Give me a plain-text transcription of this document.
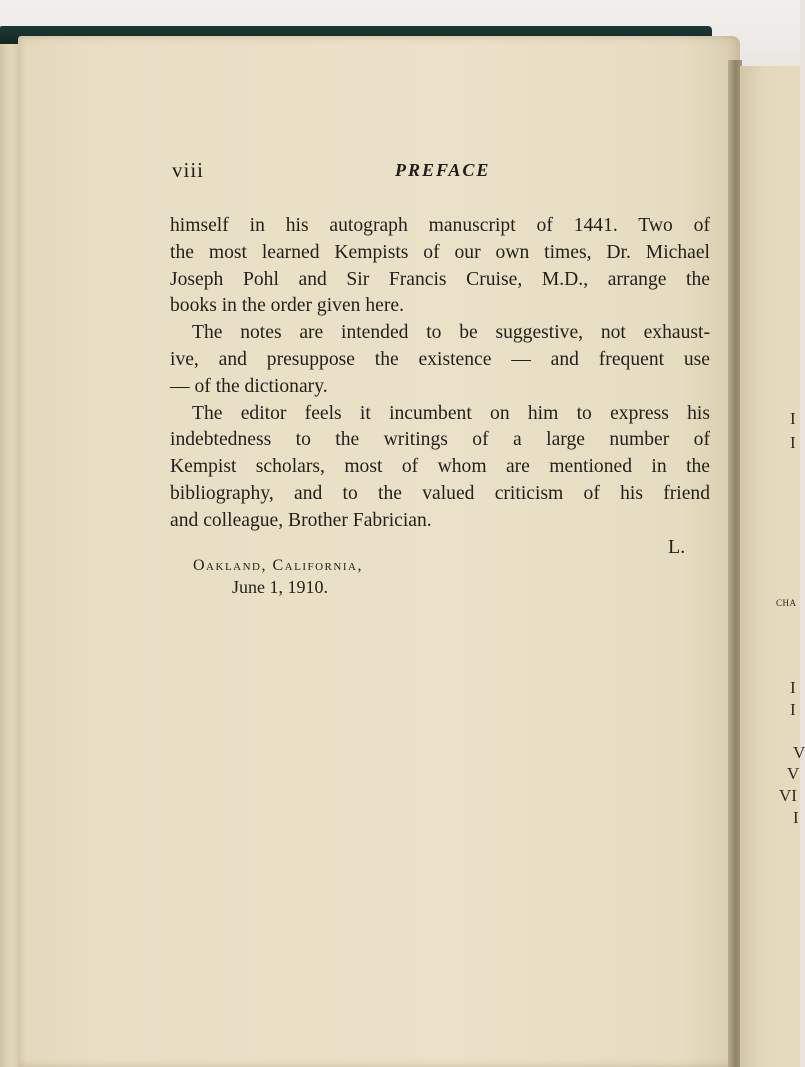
I
I
CHA
I
I
V
V
VI
I
viii	PREFACE
himself in his autograph manuscript of 1441. Two of
the most learned Kempists of our own times, Dr. Michael
Joseph Pohl and Sir Francis Cruise, M.D., arrange the
books in the order given here.
The notes are intended to be suggestive, not exhaust-
ive, and presuppose the existence — and frequent use
— of the dictionary.
The editor feels it incumbent on him to express his
indebtedness to the writings of a large number of
Kempist scholars, most of whom are mentioned in the
bibliography, and to the valued criticism of his friend
and colleague, Brother Fabrician.
L.
Oakland, California,
June 1, 1910.
